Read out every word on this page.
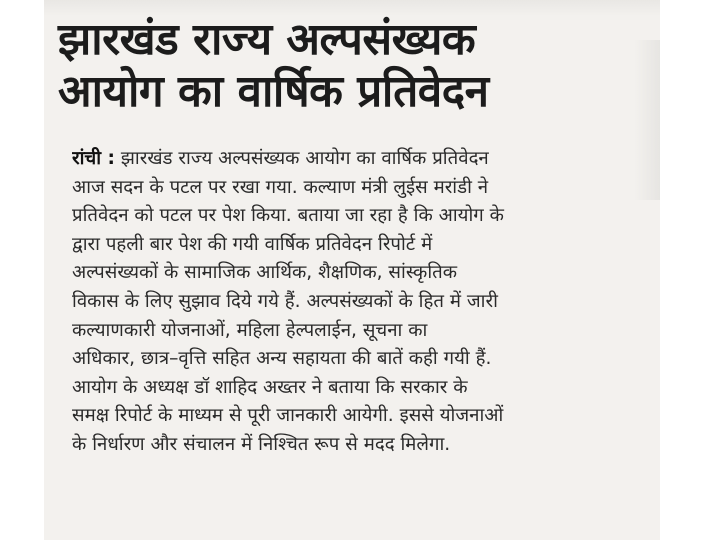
झारखंड राज्य अल्पसंख्यक
आयोग का वार्षिक प्रतिवेदन
रांची : झारखंड राज्य अल्पसंख्यक आयोग का वार्षिक प्रतिवेदन
आज सदन के पटल पर रखा गया. कल्याण मंत्री लुईस मरांडी ने
प्रतिवेदन को पटल पर पेश किया. बताया जा रहा है कि आयोग के
द्वारा पहली बार पेश की गयी वार्षिक प्रतिवेदन रिपोर्ट में
अल्पसंख्यकों के सामाजिक आर्थिक, शैक्षणिक, सांस्कृतिक
विकास के लिए सुझाव दिये गये हैं. अल्पसंख्यकों के हित में जारी
कल्याणकारी योजनाओं, महिला हेल्पलाईन, सूचना का
अधिकार, छात्र–वृत्ति सहित अन्य सहायता की बातें कही गयी हैं.
आयोग के अध्यक्ष डॉ शाहिद अख्तर ने बताया कि सरकार के
समक्ष रिपोर्ट के माध्यम से पूरी जानकारी आयेगी. इससे योजनाओं
के निर्धारण और संचालन में निश्चित रूप से मदद मिलेगा.
